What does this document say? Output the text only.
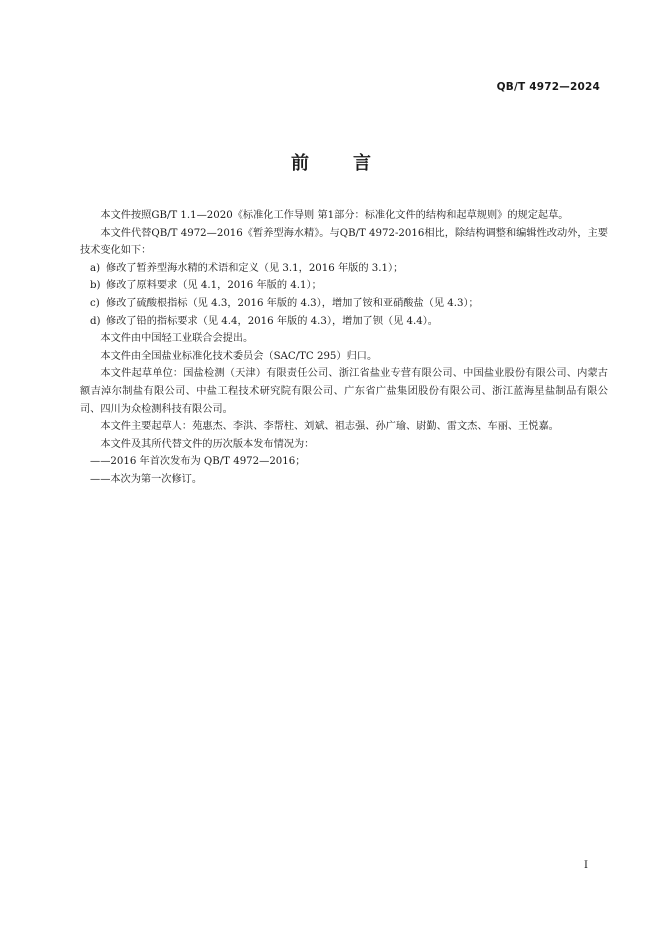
QB/T 4972—2024
前 言

本文件按照GB/T 1.1—2020《标准化工作导则 第1部分：标准化文件的结构和起草规则》的规定起草。

本文件代替QB/T 4972—2016《暂养型海水精》。与QB/T 4972-2016相比，除结构调整和编辑性改动外，主要技术变化如下：

a) 修改了暂养型海水精的术语和定义（见 3.1，2016 年版的 3.1）；

b) 修改了原料要求（见 4.1，2016 年版的 4.1）；

c) 修改了硫酸根指标（见 4.3，2016 年版的 4.3），增加了铵和亚硝酸盐（见 4.3）；

d) 修改了铅的指标要求（见 4.4，2016 年版的 4.3），增加了钡（见 4.4）。

本文件由中国轻工业联合会提出。

本文件由全国盐业标准化技术委员会（SAC/TC 295）归口。

本文件起草单位：国盐检测（天津）有限责任公司、浙江省盐业专营有限公司、中国盐业股份有限公司、内蒙古额吉淖尔制盐有限公司、中盐工程技术研究院有限公司、广东省广盐集团股份有限公司、浙江蓝海星盐制品有限公司、四川为众检测科技有限公司。

本文件主要起草人：苑惠杰、李洪、李帮柱、刘斌、祖志强、孙广瑜、尉勤、雷文杰、车丽、王悦嘉。

本文件及其所代替文件的历次版本发布情况为：

——2016 年首次发布为 QB/T 4972—2016；

——本次为第一次修订。

I
